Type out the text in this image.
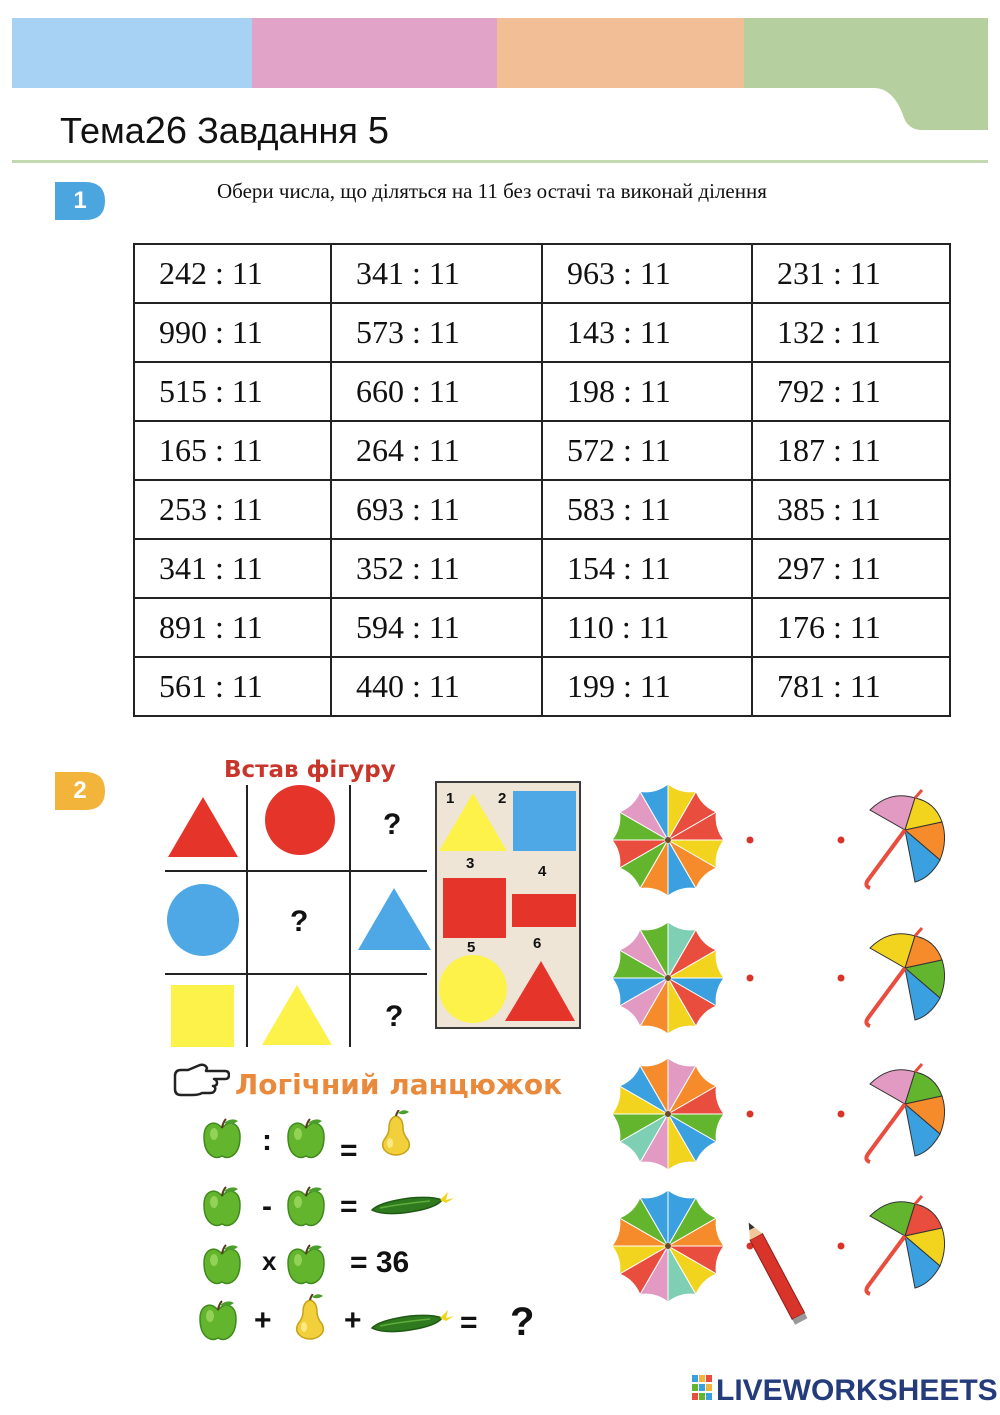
Тема26 Завдання 5
1	Обери числа, що діляться на 11 без остачі та виконай ділення
242 : 11	341 : 11	963 : 11	231 : 11
990 : 11	573 : 11	143 : 11	132 : 11
515 : 11	660 : 11	198 : 11	792 : 11
165 : 11	264 : 11	572 : 11	187 : 11
253 : 11	693 : 11	583 : 11	385 : 11
341 : 11	352 : 11	154 : 11	297 : 11
891 : 11	594 : 11	110 : 11	176 : 11
561 : 11	440 : 11	199 : 11	781 : 11
2
Встав фігуру
?
?
?
1	2
3	4
5	6
Логічний ланцюжок
: =
- =
x = 36
+ +	= ?
LIVEWORKSHEETS
